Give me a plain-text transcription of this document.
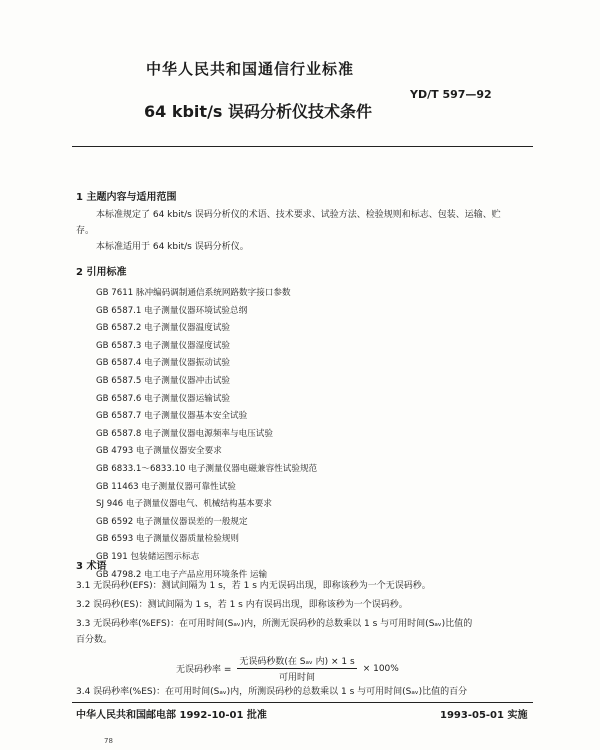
中华人民共和国通信行业标准
YD/T 597—92
64 kbit/s 误码分析仪技术条件
1 主题内容与适用范围
本标准规定了 64 kbit/s 误码分析仪的术语、技术要求、试验方法、检验规则和标志、包装、运输、贮
存。
本标准适用于 64 kbit/s 误码分析仪。
2 引用标准
GB 7611 脉冲编码调制通信系统网路数字接口参数
GB 6587.1 电子测量仪器环境试验总纲
GB 6587.2 电子测量仪器温度试验
GB 6587.3 电子测量仪器湿度试验
GB 6587.4 电子测量仪器振动试验
GB 6587.5 电子测量仪器冲击试验
GB 6587.6 电子测量仪器运输试验
GB 6587.7 电子测量仪器基本安全试验
GB 6587.8 电子测量仪器电源频率与电压试验
GB 4793 电子测量仪器安全要求
GB 6833.1～6833.10 电子测量仪器电磁兼容性试验规范
GB 11463 电子测量仪器可靠性试验
SJ 946 电子测量仪器电气、机械结构基本要求
GB 6592 电子测量仪器误差的一般规定
GB 6593 电子测量仪器质量检验规则
GB 191 包装储运图示标志
GB 4798.2 电工电子产品应用环境条件 运输
3 术语
3.1 无误码秒(EFS)：测试间隔为 1 s，若 1 s 内无误码出现，即称该秒为一个无误码秒。
3.2 误码秒(ES)：测试间隔为 1 s，若 1 s 内有误码出现，即称该秒为一个误码秒。
3.3 无误码秒率(%EFS)：在可用时间(Sₐᵥ)内，所测无误码秒的总数乘以 1 s 与可用时间(Sₐᵥ)比值的
百分数。
无误码秒率 = $\frac{\text{无误码秒数(在 Sₐᵥ 内) × 1 s}}{\text{可用时间}} \times 100\%$
3.4 误码秒率(%ES)：在可用时间(Sₐᵥ)内，所测误码秒的总数乘以 1 s 与可用时间(Sₐᵥ)比值的百分
中华人民共和国邮电部 1992-10-01 批准	1993-05-01 实施
78
